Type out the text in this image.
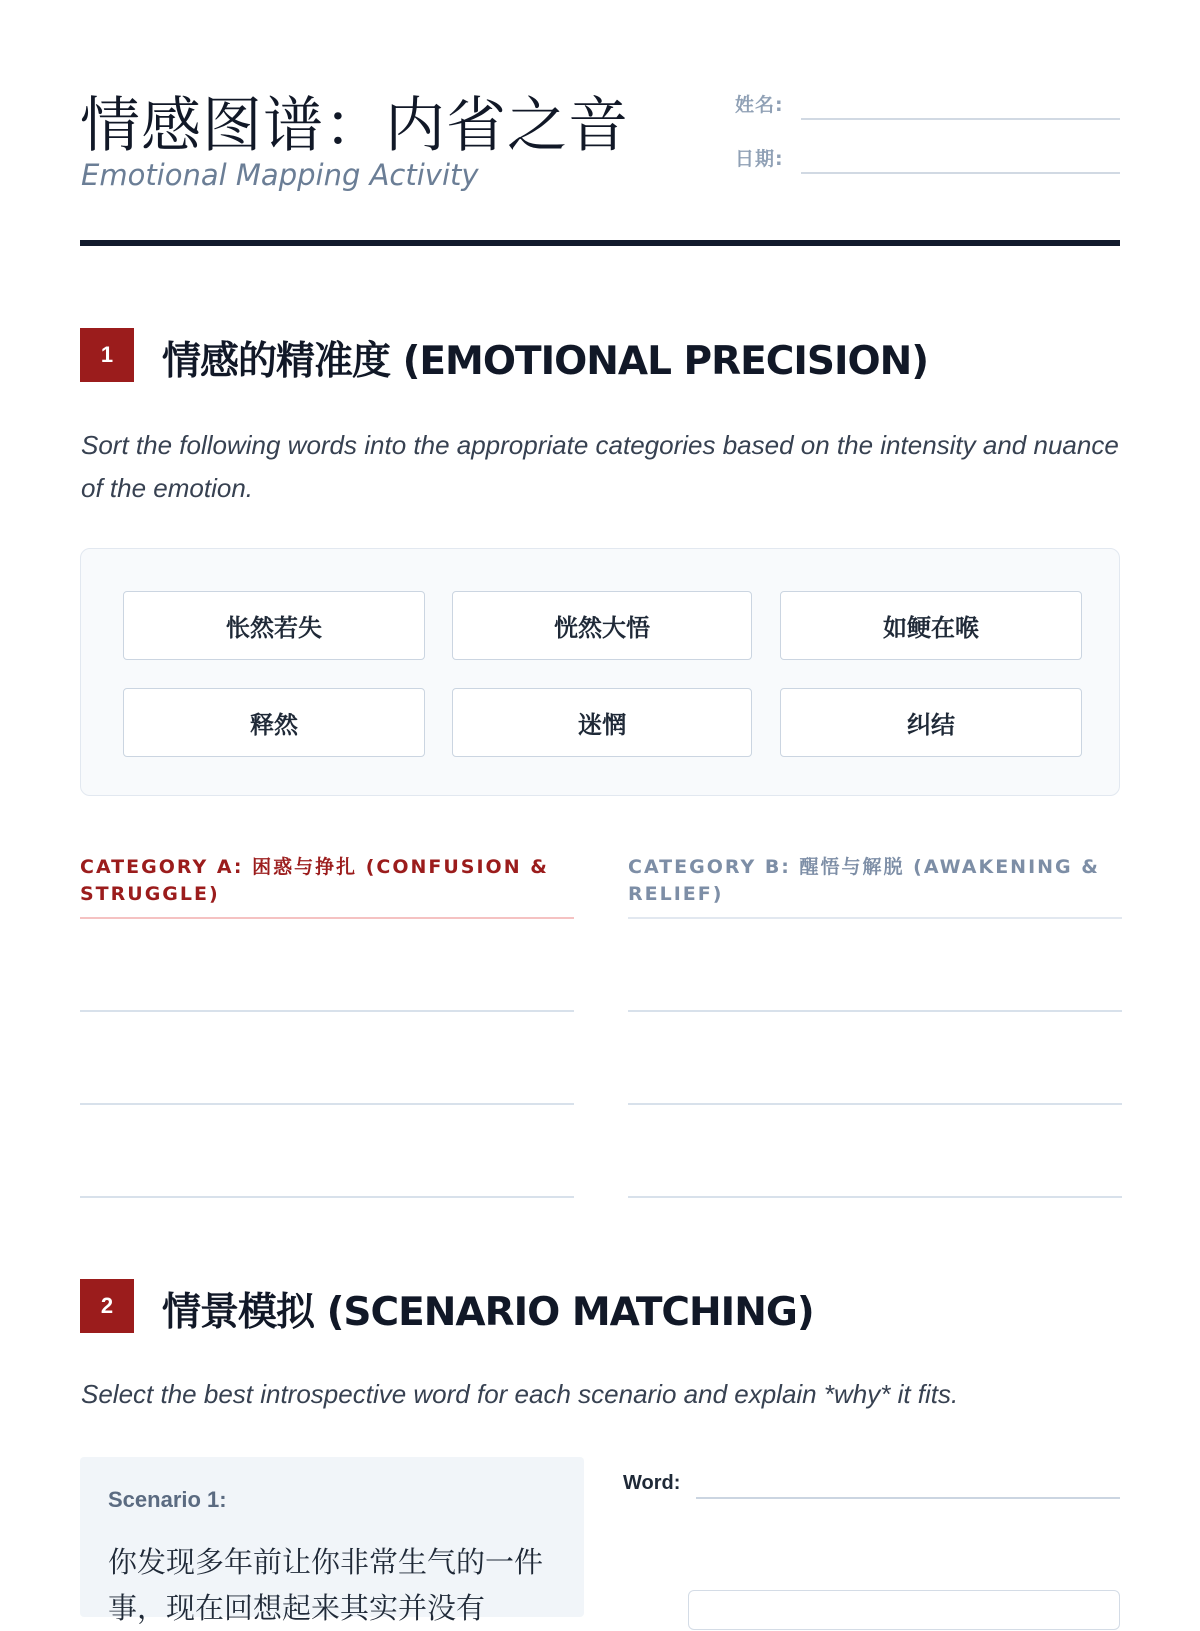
情感图谱：内省之音
Emotional Mapping Activity
姓名:
日期:
1	情感的精准度 (EMOTIONAL PRECISION)
Sort the following words into the appropriate categories based on the intensity and nuance of the emotion.
怅然若失	恍然大悟	如鲠在喉
释然	迷惘	纠结
CATEGORY A: 困惑与挣扎 (CONFUSION & STRUGGLE)
CATEGORY B: 醒悟与解脱 (AWAKENING & RELIEF)
2	情景模拟 (SCENARIO MATCHING)
Select the best introspective word for each scenario and explain *why* it fits.
Scenario 1:
你发现多年前让你非常生气的一件事，现在回想起来其实并没有
Word:
